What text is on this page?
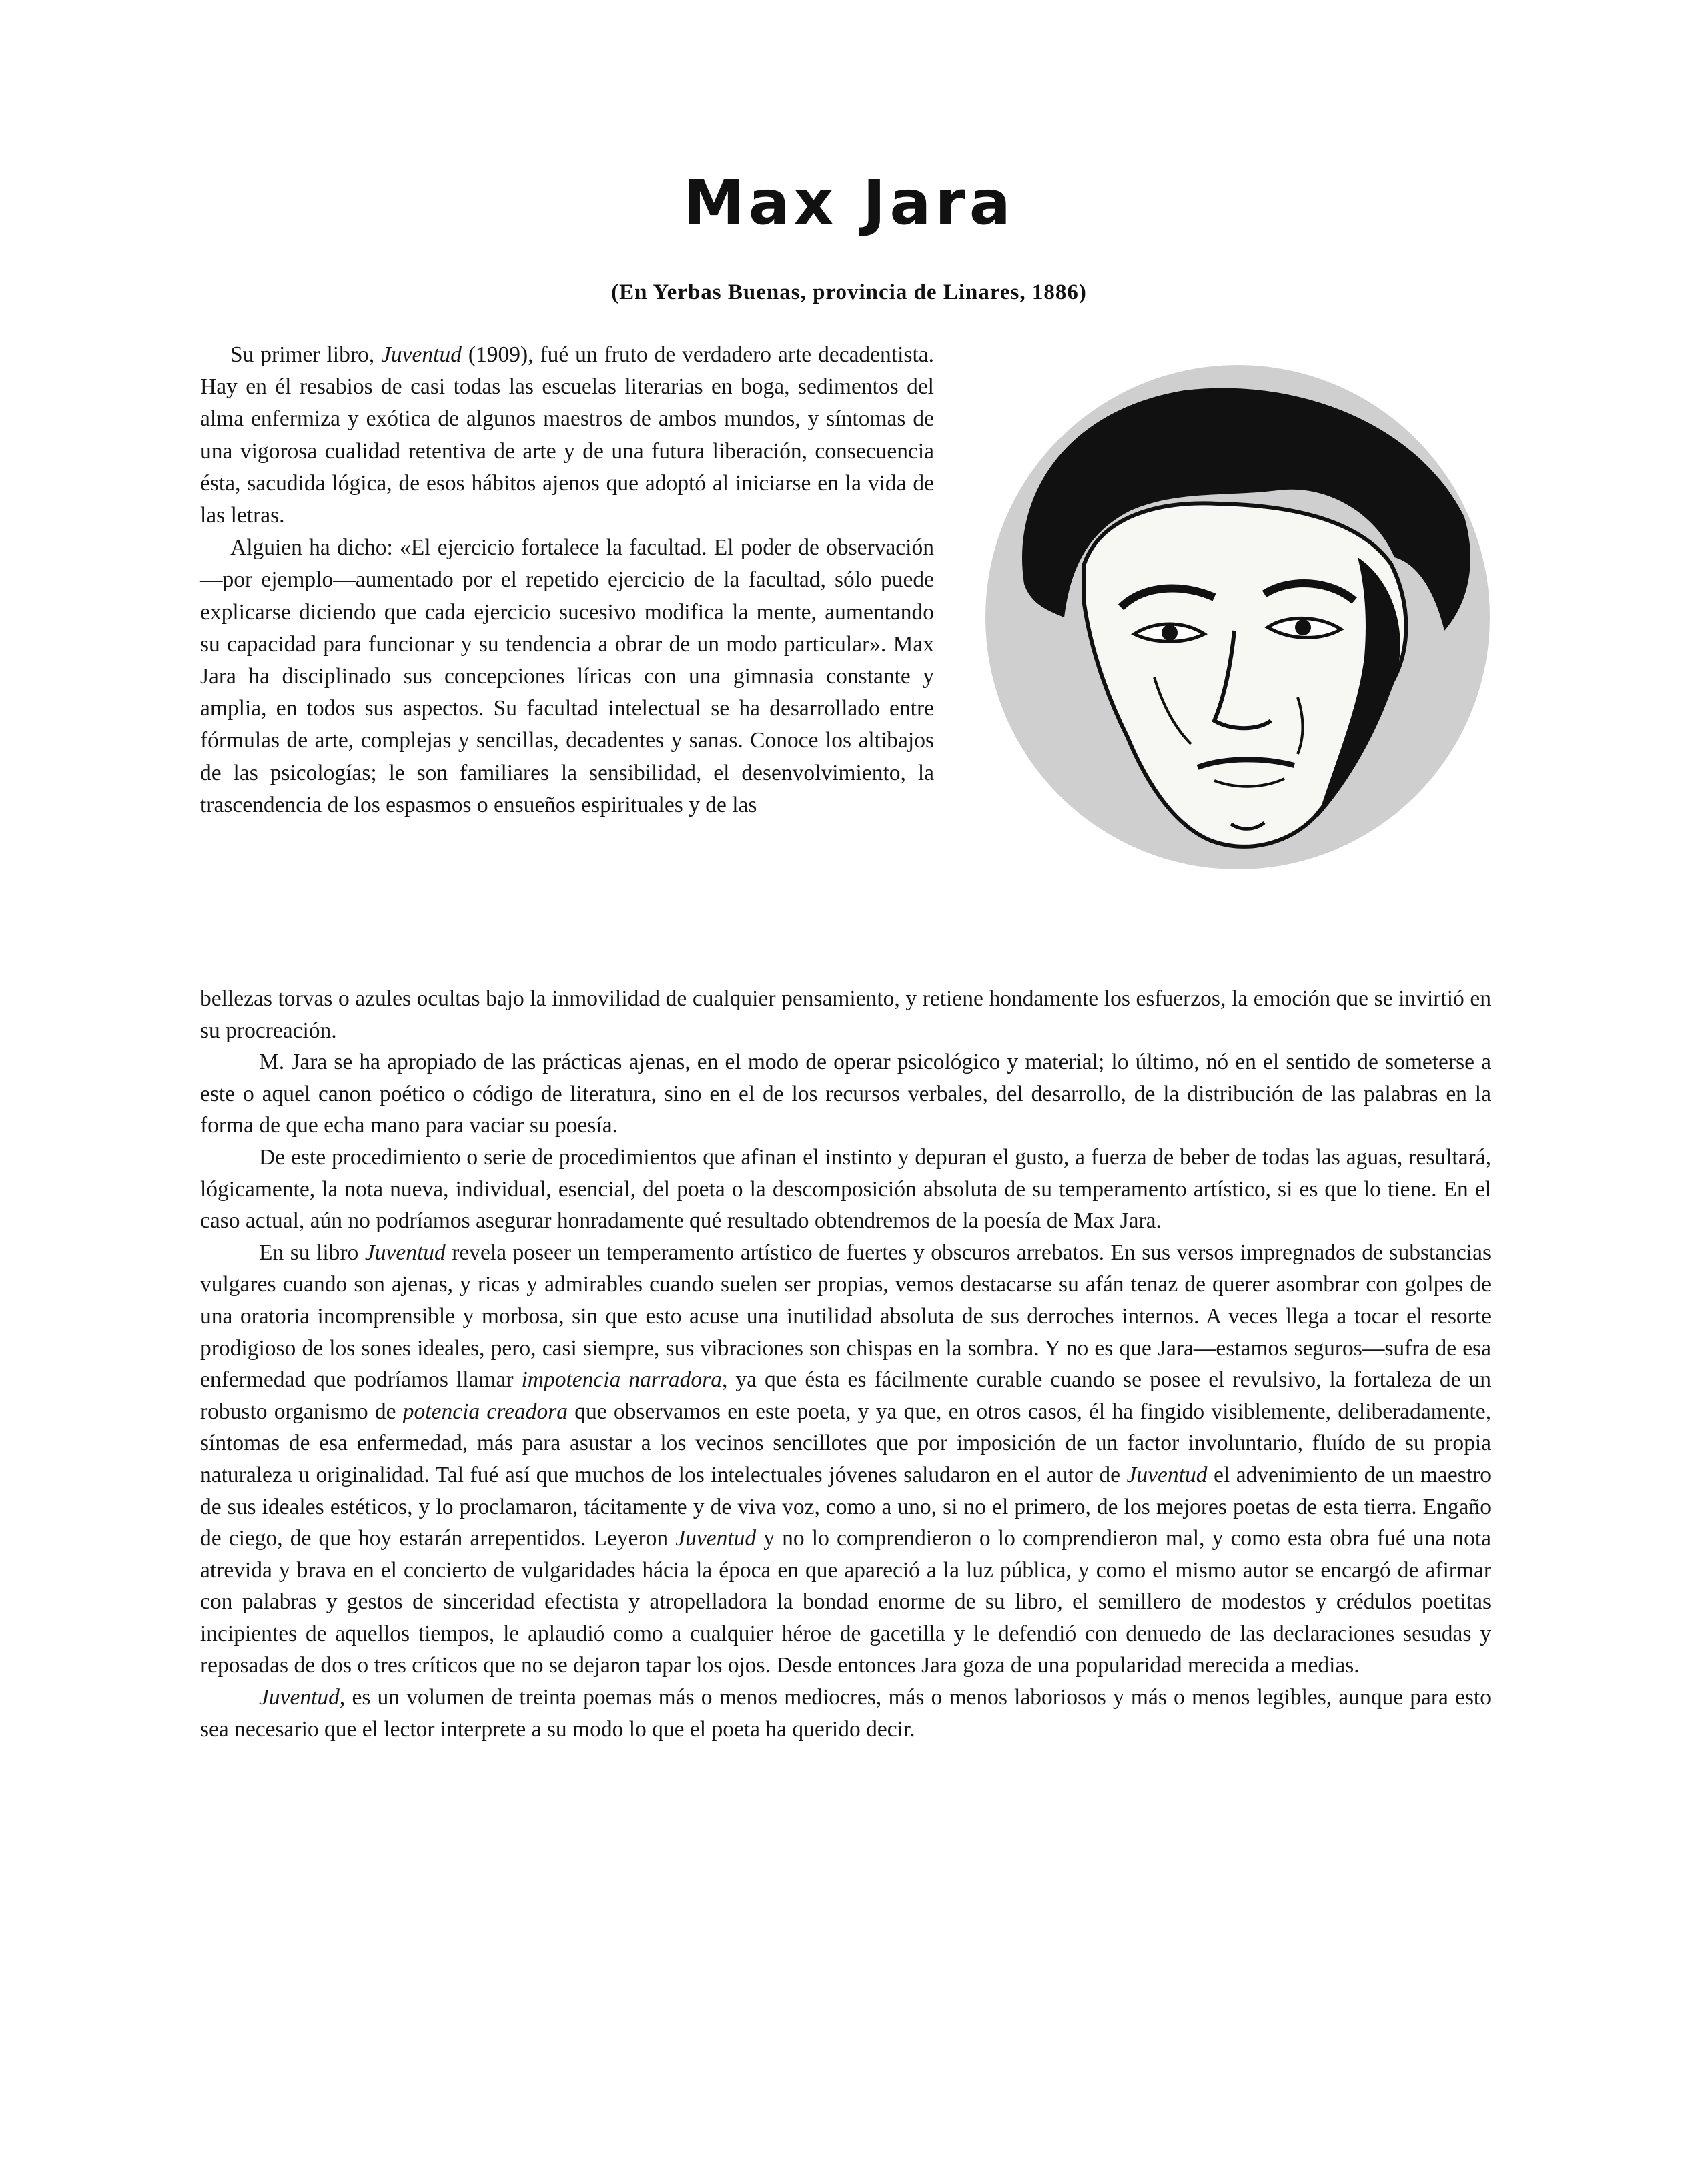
Max Jara
(En Yerbas Buenas, provincia de Linares, 1886)

Su primer libro, Juventud (1909), fué un fruto de verdadero arte decadentista. Hay en él resabios de casi todas las escuelas literarias en boga, sedimentos del alma enfermiza y exótica de algunos maestros de ambos mundos, y síntomas de una vigorosa cualidad retentiva de arte y de una futura liberación, consecuencia ésta, sacudida lógica, de esos hábitos ajenos que adoptó al iniciarse en la vida de las letras.

Alguien ha dicho: «El ejercicio fortalece la facultad. El poder de observación—por ejemplo—aumentado por el repetido ejercicio de la facultad, sólo puede explicarse diciendo que cada ejercicio sucesivo modifica la mente, aumentando su capacidad para funcionar y su tendencia a obrar de un modo particular». Max Jara ha disciplinado sus concepciones líricas con una gimnasia constante y amplia, en todos sus aspectos. Su facultad intelectual se ha desarrollado entre fórmulas de arte, complejas y sencillas, decadentes y sanas. Conoce los altibajos de las psicologías; le son familiares la sensibilidad, el desenvolvimiento, la trascendencia de los espasmos o ensueños espirituales y de las

bellezas torvas o azules ocultas bajo la inmovilidad de cualquier pensamiento, y retiene hondamente los esfuerzos, la emoción que se invirtió en su procreación.

M. Jara se ha apropiado de las prácticas ajenas, en el modo de operar psicológico y material; lo último, nó en el sentido de someterse a este o aquel canon poético o código de literatura, sino en el de los recursos verbales, del desarrollo, de la distribución de las palabras en la forma de que echa mano para vaciar su poesía.

De este procedimiento o serie de procedimientos que afinan el instinto y depuran el gusto, a fuerza de beber de todas las aguas, resultará, lógicamente, la nota nueva, individual, esencial, del poeta o la descomposición absoluta de su temperamento artístico, si es que lo tiene. En el caso actual, aún no podríamos asegurar honradamente qué resultado obtendremos de la poesía de Max Jara.

En su libro Juventud revela poseer un temperamento artístico de fuertes y obscuros arrebatos. En sus versos impregnados de substancias vulgares cuando son ajenas, y ricas y admirables cuando suelen ser propias, vemos destacarse su afán tenaz de querer asombrar con golpes de una oratoria incomprensible y morbosa, sin que esto acuse una inutilidad absoluta de sus derroches internos. A veces llega a tocar el resorte prodigioso de los sones ideales, pero, casi siempre, sus vibraciones son chispas en la sombra. Y no es que Jara—estamos seguros—sufra de esa enfermedad que podríamos llamar impotencia narradora, ya que ésta es fácilmente curable cuando se posee el revulsivo, la fortaleza de un robusto organismo de potencia creadora que observamos en este poeta, y ya que, en otros casos, él ha fingido visiblemente, deliberadamente, síntomas de esa enfermedad, más para asustar a los vecinos sencillotes que por imposición de un factor involuntario, fluído de su propia naturaleza u originalidad. Tal fué así que muchos de los intelectuales jóvenes saludaron en el autor de Juventud el advenimiento de un maestro de sus ideales estéticos, y lo proclamaron, tácitamente y de viva voz, como a uno, si no el primero, de los mejores poetas de esta tierra. Engaño de ciego, de que hoy estarán arrepentidos. Leyeron Juventud y no lo comprendieron o lo comprendieron mal, y como esta obra fué una nota atrevida y brava en el concierto de vulgaridades hácia la época en que apareció a la luz pública, y como el mismo autor se encargó de afirmar con palabras y gestos de sinceridad efectista y atropelladora la bondad enorme de su libro, el semillero de modestos y crédulos poetitas incipientes de aquellos tiempos, le aplaudió como a cualquier héroe de gacetilla y le defendió con denuedo de las declaraciones sesudas y reposadas de dos o tres críticos que no se dejaron tapar los ojos. Desde entonces Jara goza de una popularidad merecida a medias.

Juventud, es un volumen de treinta poemas más o menos mediocres, más o menos laboriosos y más o menos legibles, aunque para esto sea necesario que el lector interprete a su modo lo que el poeta ha querido decir.
